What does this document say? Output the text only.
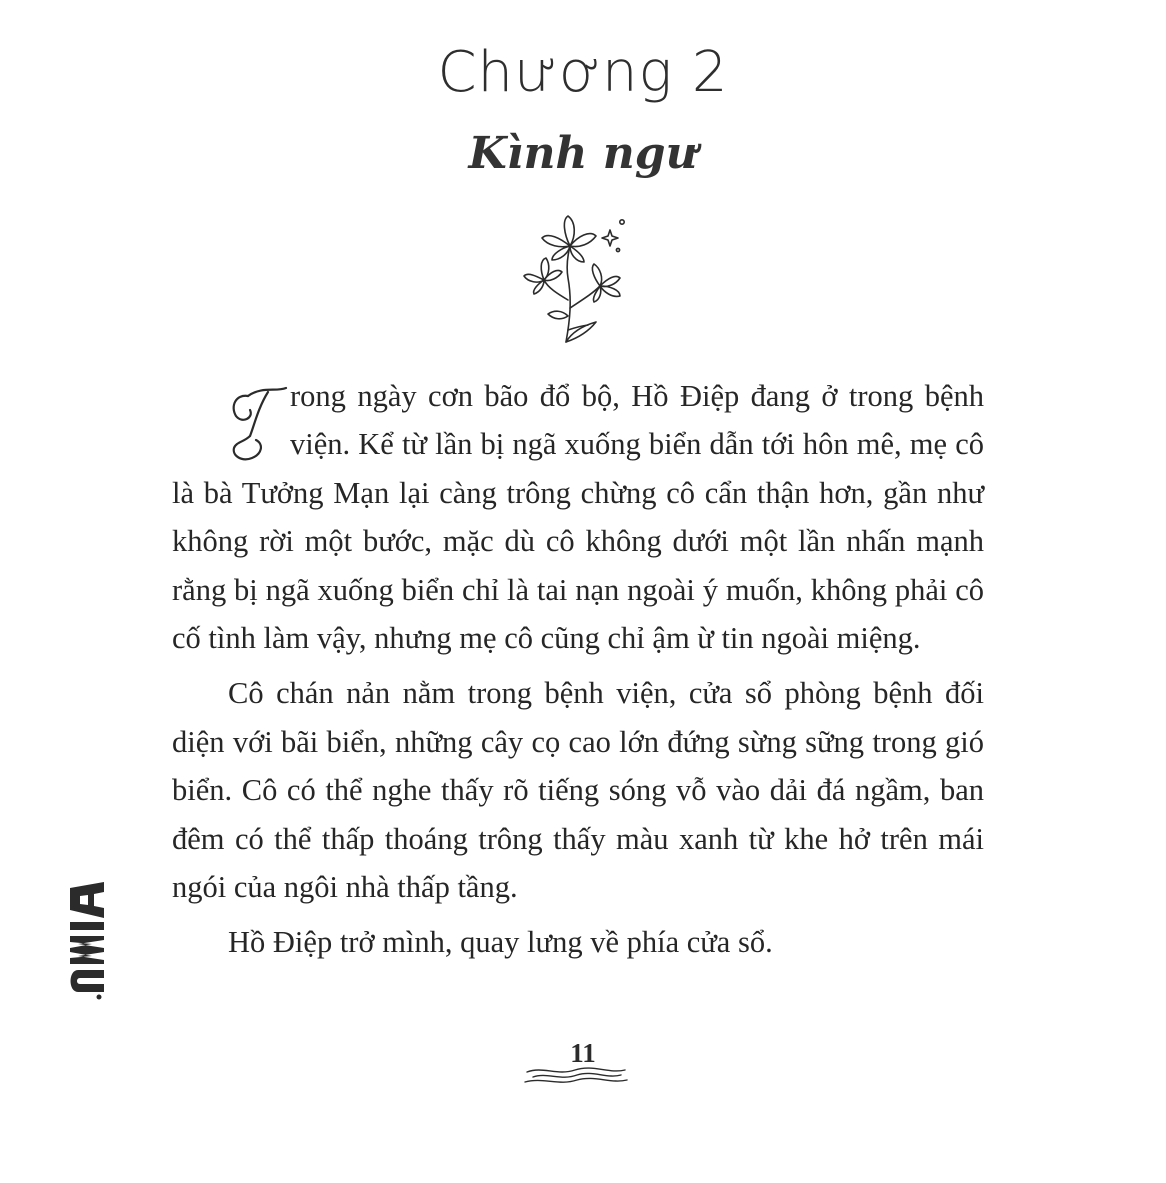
Chương 2
Kình ngư

rong ngày cơn bão đổ bộ, Hồ Điệp đang ở trong bệnh viện. Kể từ lần bị ngã xuống biển dẫn tới hôn mê, mẹ cô là bà Tưởng Mạn lại càng trông chừng cô cẩn thận hơn, gần như không rời một bước, mặc dù cô không dưới một lần nhấn mạnh rằng bị ngã xuống biển chỉ là tai nạn ngoài ý muốn, không phải cô cố tình làm vậy, nhưng mẹ cô cũng chỉ ậm ừ tin ngoài miệng.

Cô chán nản nằm trong bệnh viện, cửa sổ phòng bệnh đối diện với bãi biển, những cây cọ cao lớn đứng sừng sững trong gió biển. Cô có thể nghe thấy rõ tiếng sóng vỗ vào dải đá ngầm, ban đêm có thể thấp thoáng trông thấy màu xanh từ khe hở trên mái ngói của ngôi nhà thấp tầng.

Hồ Điệp trở mình, quay lưng về phía cửa sổ.

11
